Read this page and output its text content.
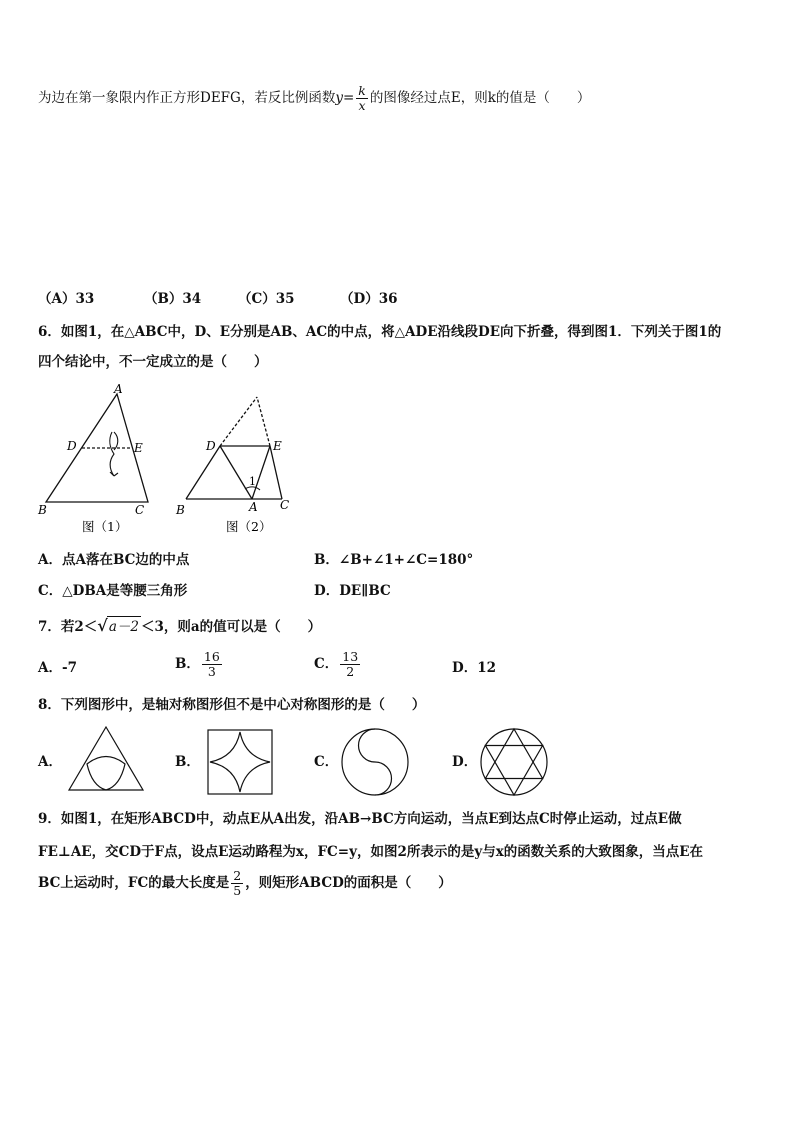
为边在第一象限内作正方形DEFG，若反比例函数$y= \frac{k}{x}$ 的图像经过点E，则k的值是（　　）
（A）33	（B）34	（C）35	（D）36
6．如图1，在△ABC中，D、E分别是AB、AC的中点，将△ADE沿线段DE向下折叠，得到图1．下列关于图1的
四个结论中，不一定成立的是（　　）
A
D	E
B	C
图（1）
D	E
1
A
B	C
图（2）
A．点A落在BC边的中点	B．∠B+∠1+∠C=180°
C．△DBA是等腰三角形	D．DE∥BC
7．若2＜√a－2 ＜3，则a的值可以是（　　）
A．-7	B． $\frac{16}{3}$	C． $\frac{13}{2}$	D．12
8．下列图形中，是轴对称图形但不是中心对称图形的是（　　）
A．	B．	C．	D．
9．如图1，在矩形ABCD中，动点E从A出发，沿AB→BC方向运动，当点E到达点C时停止运动，过点E做
FE⊥AE，交CD于F点，设点E运动路程为x，FC=y，如图2所表示的是y与x的函数关系的大致图象，当点E在
BC上运动时，FC的最大长度是 $\frac{2}{5}$ ，则矩形ABCD的面积是（　　）
